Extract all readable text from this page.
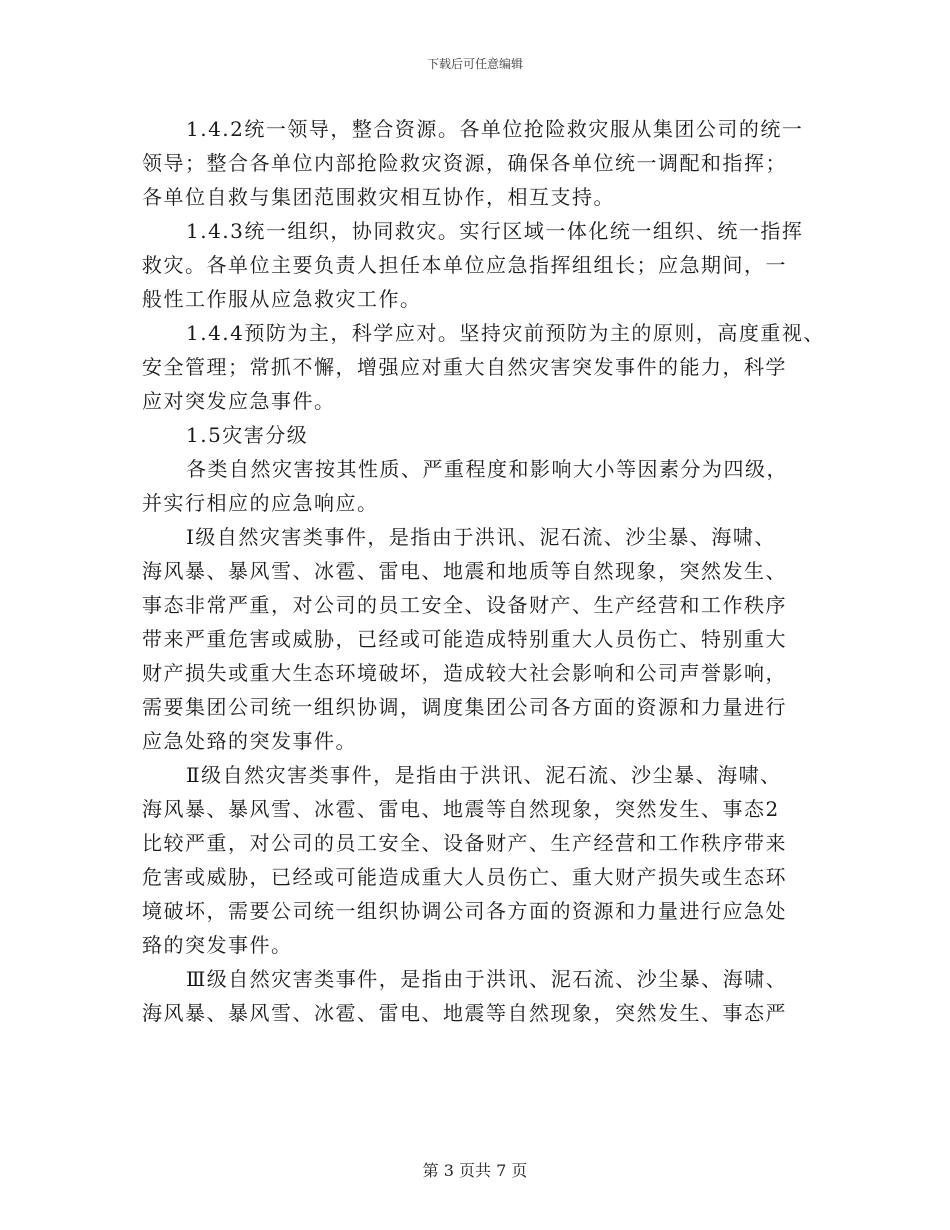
下载后可任意编辑
1.4.2统一领导，整合资源。各单位抢险救灾服从集团公司的统一
领导；整合各单位内部抢险救灾资源，确保各单位统一调配和指挥；
各单位自救与集团范围救灾相互协作，相互支持。
1.4.3统一组织，协同救灾。实行区域一体化统一组织、统一指挥
救灾。各单位主要负责人担任本单位应急指挥组组长；应急期间，一
般性工作服从应急救灾工作。
1.4.4预防为主，科学应对。坚持灾前预防为主的原则，高度重视、
安全管理；常抓不懈，增强应对重大自然灾害突发事件的能力，科学
应对突发应急事件。
1.5灾害分级
各类自然灾害按其性质、严重程度和影响大小等因素分为四级，
并实行相应的应急响应。
Ⅰ级自然灾害类事件，是指由于洪讯、泥石流、沙尘暴、海啸、
海风暴、暴风雪、冰雹、雷电、地震和地质等自然现象，突然发生、
事态非常严重，对公司的员工安全、设备财产、生产经营和工作秩序
带来严重危害或威胁，已经或可能造成特别重大人员伤亡、特别重大
财产损失或重大生态环境破坏，造成较大社会影响和公司声誉影响，
需要集团公司统一组织协调，调度集团公司各方面的资源和力量进行
应急处臵的突发事件。
Ⅱ级自然灾害类事件，是指由于洪讯、泥石流、沙尘暴、海啸、
海风暴、暴风雪、冰雹、雷电、地震等自然现象，突然发生、事态2
比较严重，对公司的员工安全、设备财产、生产经营和工作秩序带来
危害或威胁，已经或可能造成重大人员伤亡、重大财产损失或生态环
境破坏，需要公司统一组织协调公司各方面的资源和力量进行应急处
臵的突发事件。
Ⅲ级自然灾害类事件，是指由于洪讯、泥石流、沙尘暴、海啸、
海风暴、暴风雪、冰雹、雷电、地震等自然现象，突然发生、事态严
第 3 页共 7 页
